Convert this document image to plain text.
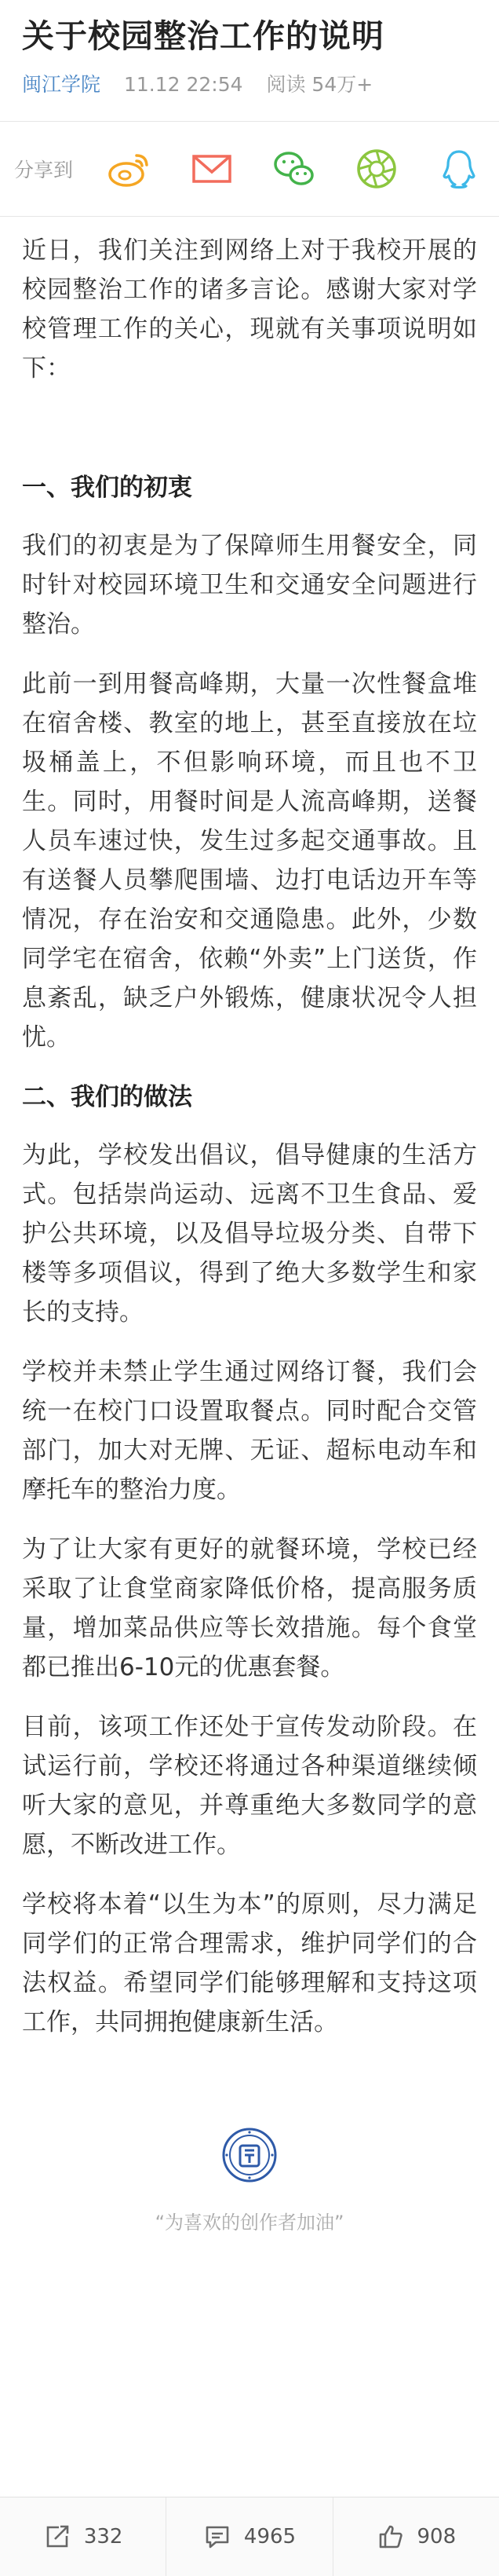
关于校园整治工作的说明
闽江学院 11.12 22:54 阅读 54万+
分享到

近日，我们关注到网络上对于我校开展的校园整治工作的诸多言论。感谢大家对学校管理工作的关心，现就有关事项说明如下：

一、我们的初衷

我们的初衷是为了保障师生用餐安全，同时针对校园环境卫生和交通安全问题进行整治。

此前一到用餐高峰期，大量一次性餐盒堆在宿舍楼、教室的地上，甚至直接放在垃圾桶盖上，不但影响环境，而且也不卫生。同时，用餐时间是人流高峰期，送餐人员车速过快，发生过多起交通事故。且有送餐人员攀爬围墙、边打电话边开车等情况，存在治安和交通隐患。此外，少数同学宅在宿舍，依赖“外卖”上门送货，作息紊乱，缺乏户外锻炼，健康状况令人担忧。

二、我们的做法

为此，学校发出倡议，倡导健康的生活方式。包括崇尚运动、远离不卫生食品、爱护公共环境，以及倡导垃圾分类、自带下楼等多项倡议，得到了绝大多数学生和家长的支持。

学校并未禁止学生通过网络订餐，我们会统一在校门口设置取餐点。同时配合交管部门，加大对无牌、无证、超标电动车和摩托车的整治力度。

为了让大家有更好的就餐环境，学校已经采取了让食堂商家降低价格，提高服务质量，增加菜品供应等长效措施。每个食堂都已推出6-10元的优惠套餐。

目前，该项工作还处于宣传发动阶段。在试运行前，学校还将通过各种渠道继续倾听大家的意见，并尊重绝大多数同学的意愿，不断改进工作。

学校将本着“以生为本”的原则，尽力满足同学们的正常合理需求，维护同学们的合法权益。希望同学们能够理解和支持这项工作，共同拥抱健康新生活。

“为喜欢的创作者加油”
332	4965	908
